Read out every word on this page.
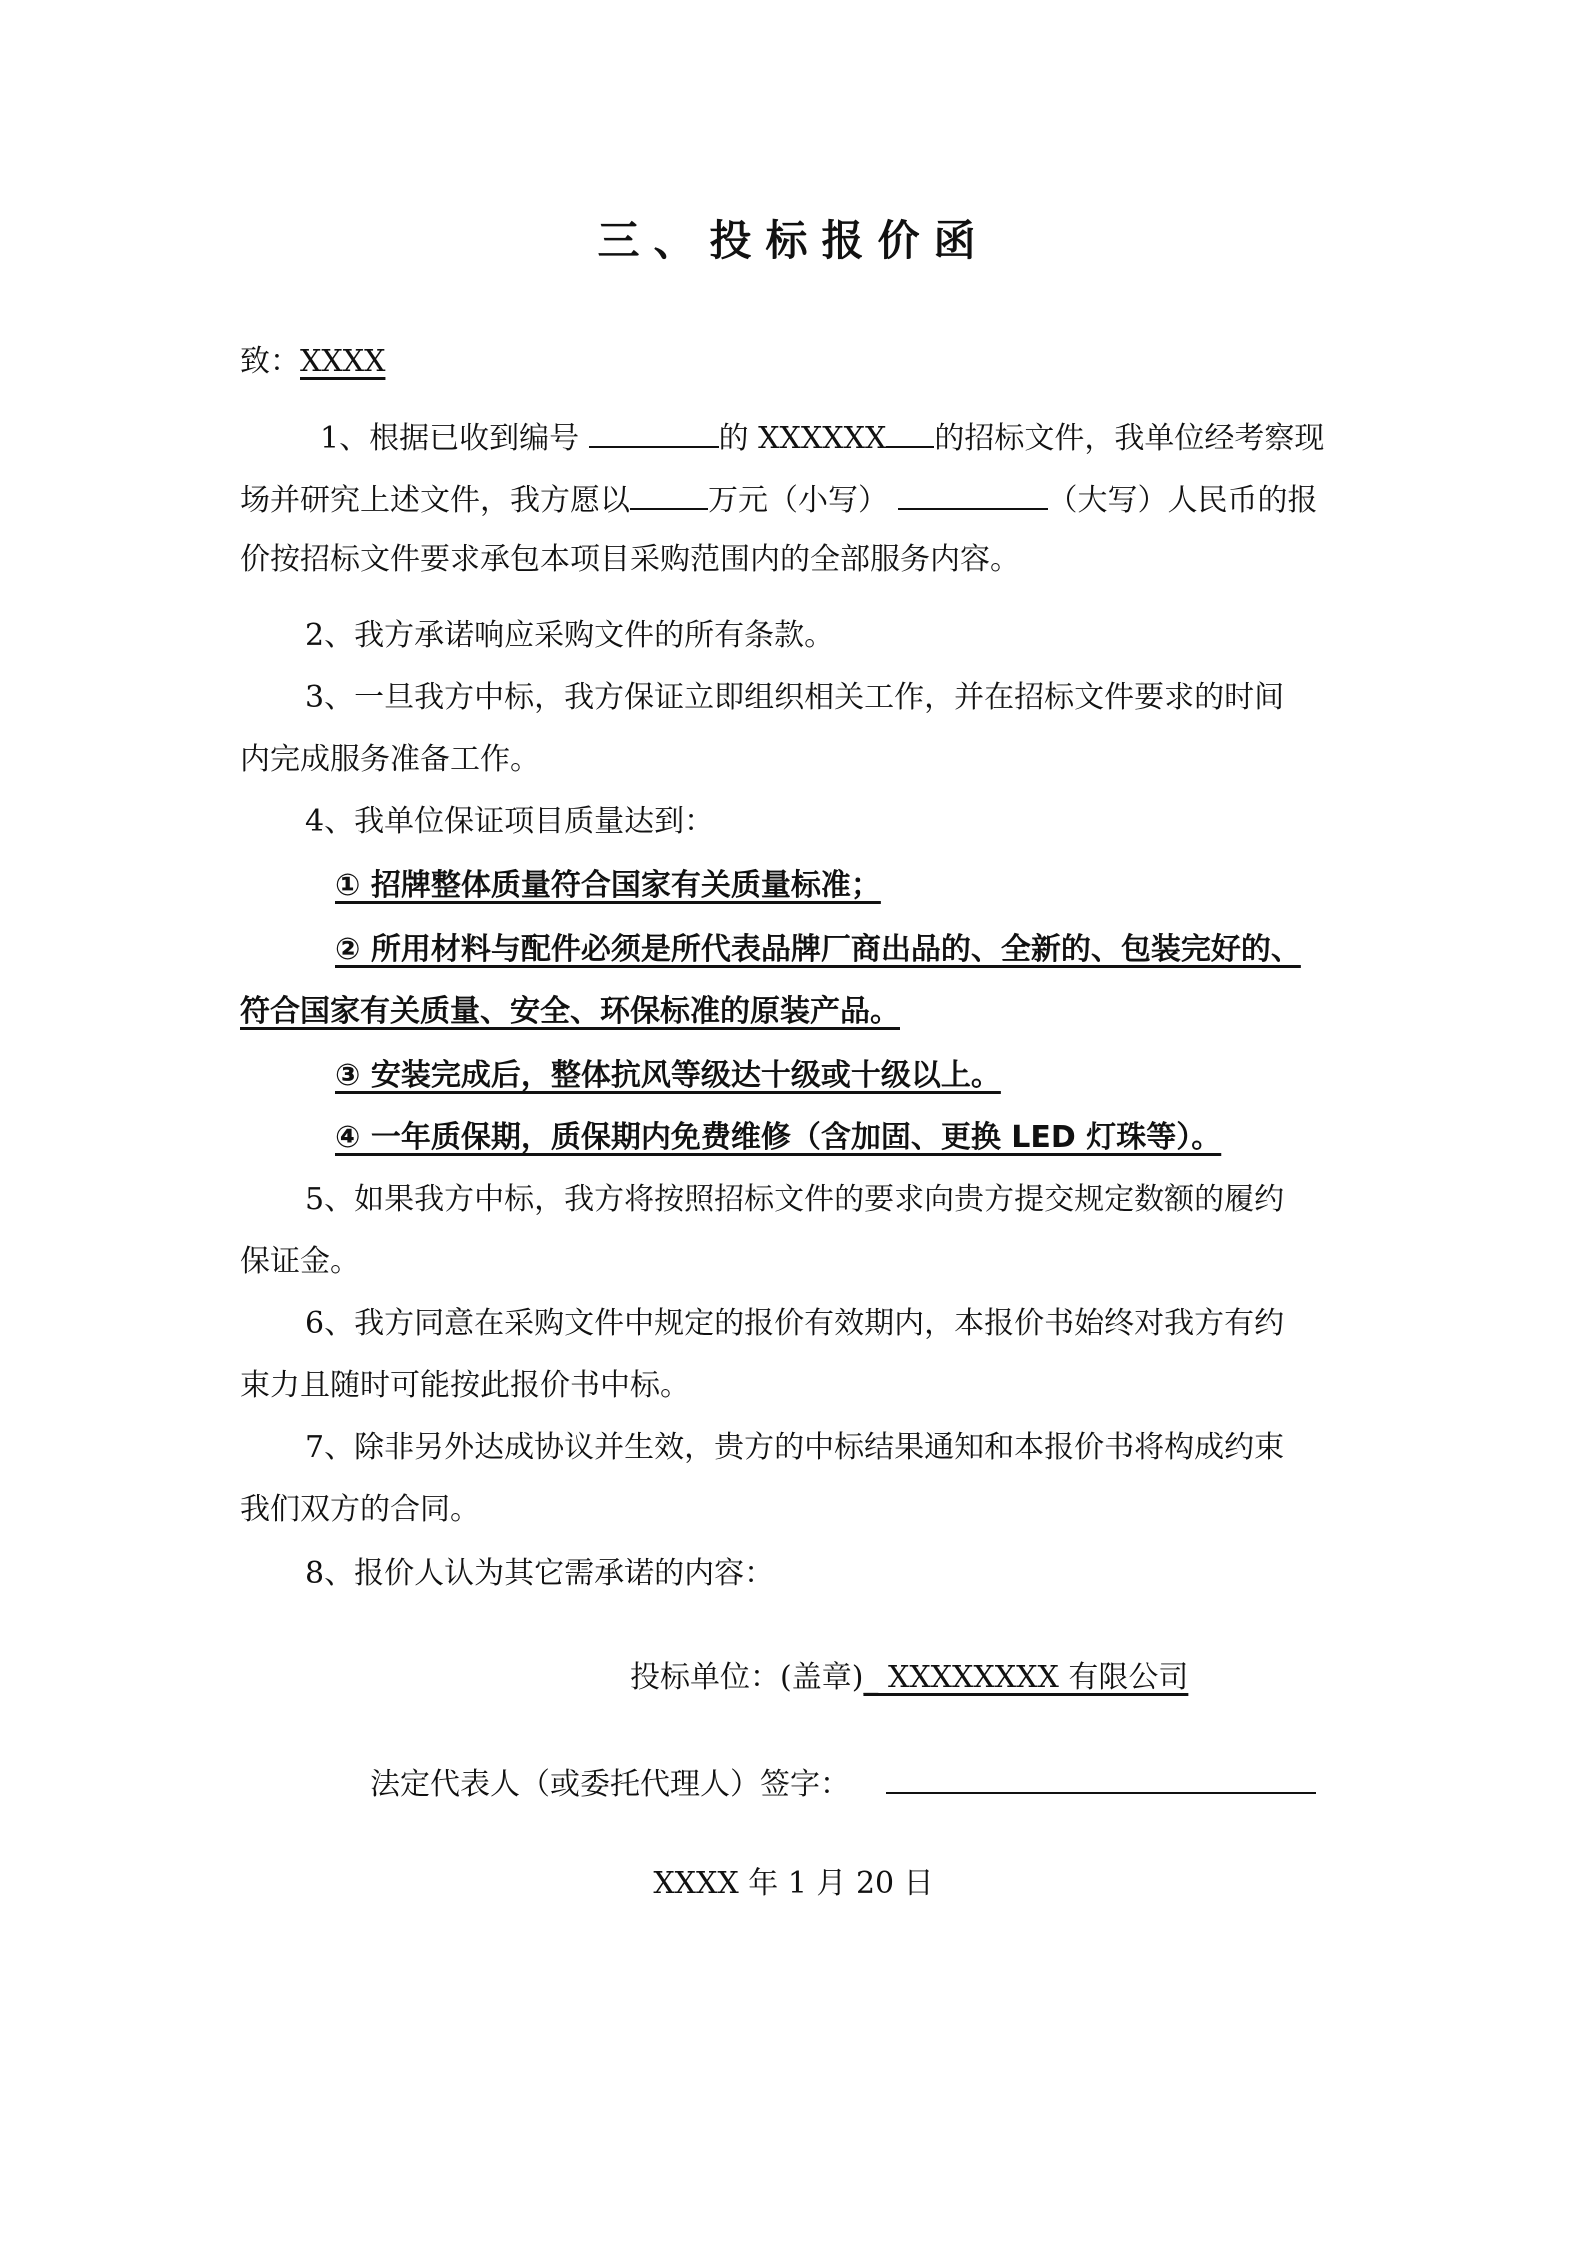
三、投标报价函
致：XXXX
1、根据已收到编号	的 XXXXXX 的招标文件，我单位经考察现
场并研究上述文件，我方愿以	万元（小写）	（大写）人民币的报
价按招标文件要求承包本项目采购范围内的全部服务内容。
2、我方承诺响应采购文件的所有条款。
3、一旦我方中标，我方保证立即组织相关工作，并在招标文件要求的时间
内完成服务准备工作。
4、我单位保证项目质量达到：
① 招牌整体质量符合国家有关质量标准；
② 所用材料与配件必须是所代表品牌厂商出品的、全新的、包装完好的、
符合国家有关质量、安全、环保标准的原装产品。
③ 安装完成后，整体抗风等级达十级或十级以上。
④ 一年质保期，质保期内免费维修（含加固、更换 LED 灯珠等）。
5、如果我方中标，我方将按照招标文件的要求向贵方提交规定数额的履约
保证金。
6、我方同意在采购文件中规定的报价有效期内，本报价书始终对我方有约
束力且随时可能按此报价书中标。
7、除非另外达成协议并生效，贵方的中标结果通知和本报价书将构成约束
我们双方的合同。
8、报价人认为其它需承诺的内容：
投标单位：(盖章)_ XXXXXXXX 有限公司
法定代表人（或委托代理人）签字：
XXXX 年 1 月 20 日
